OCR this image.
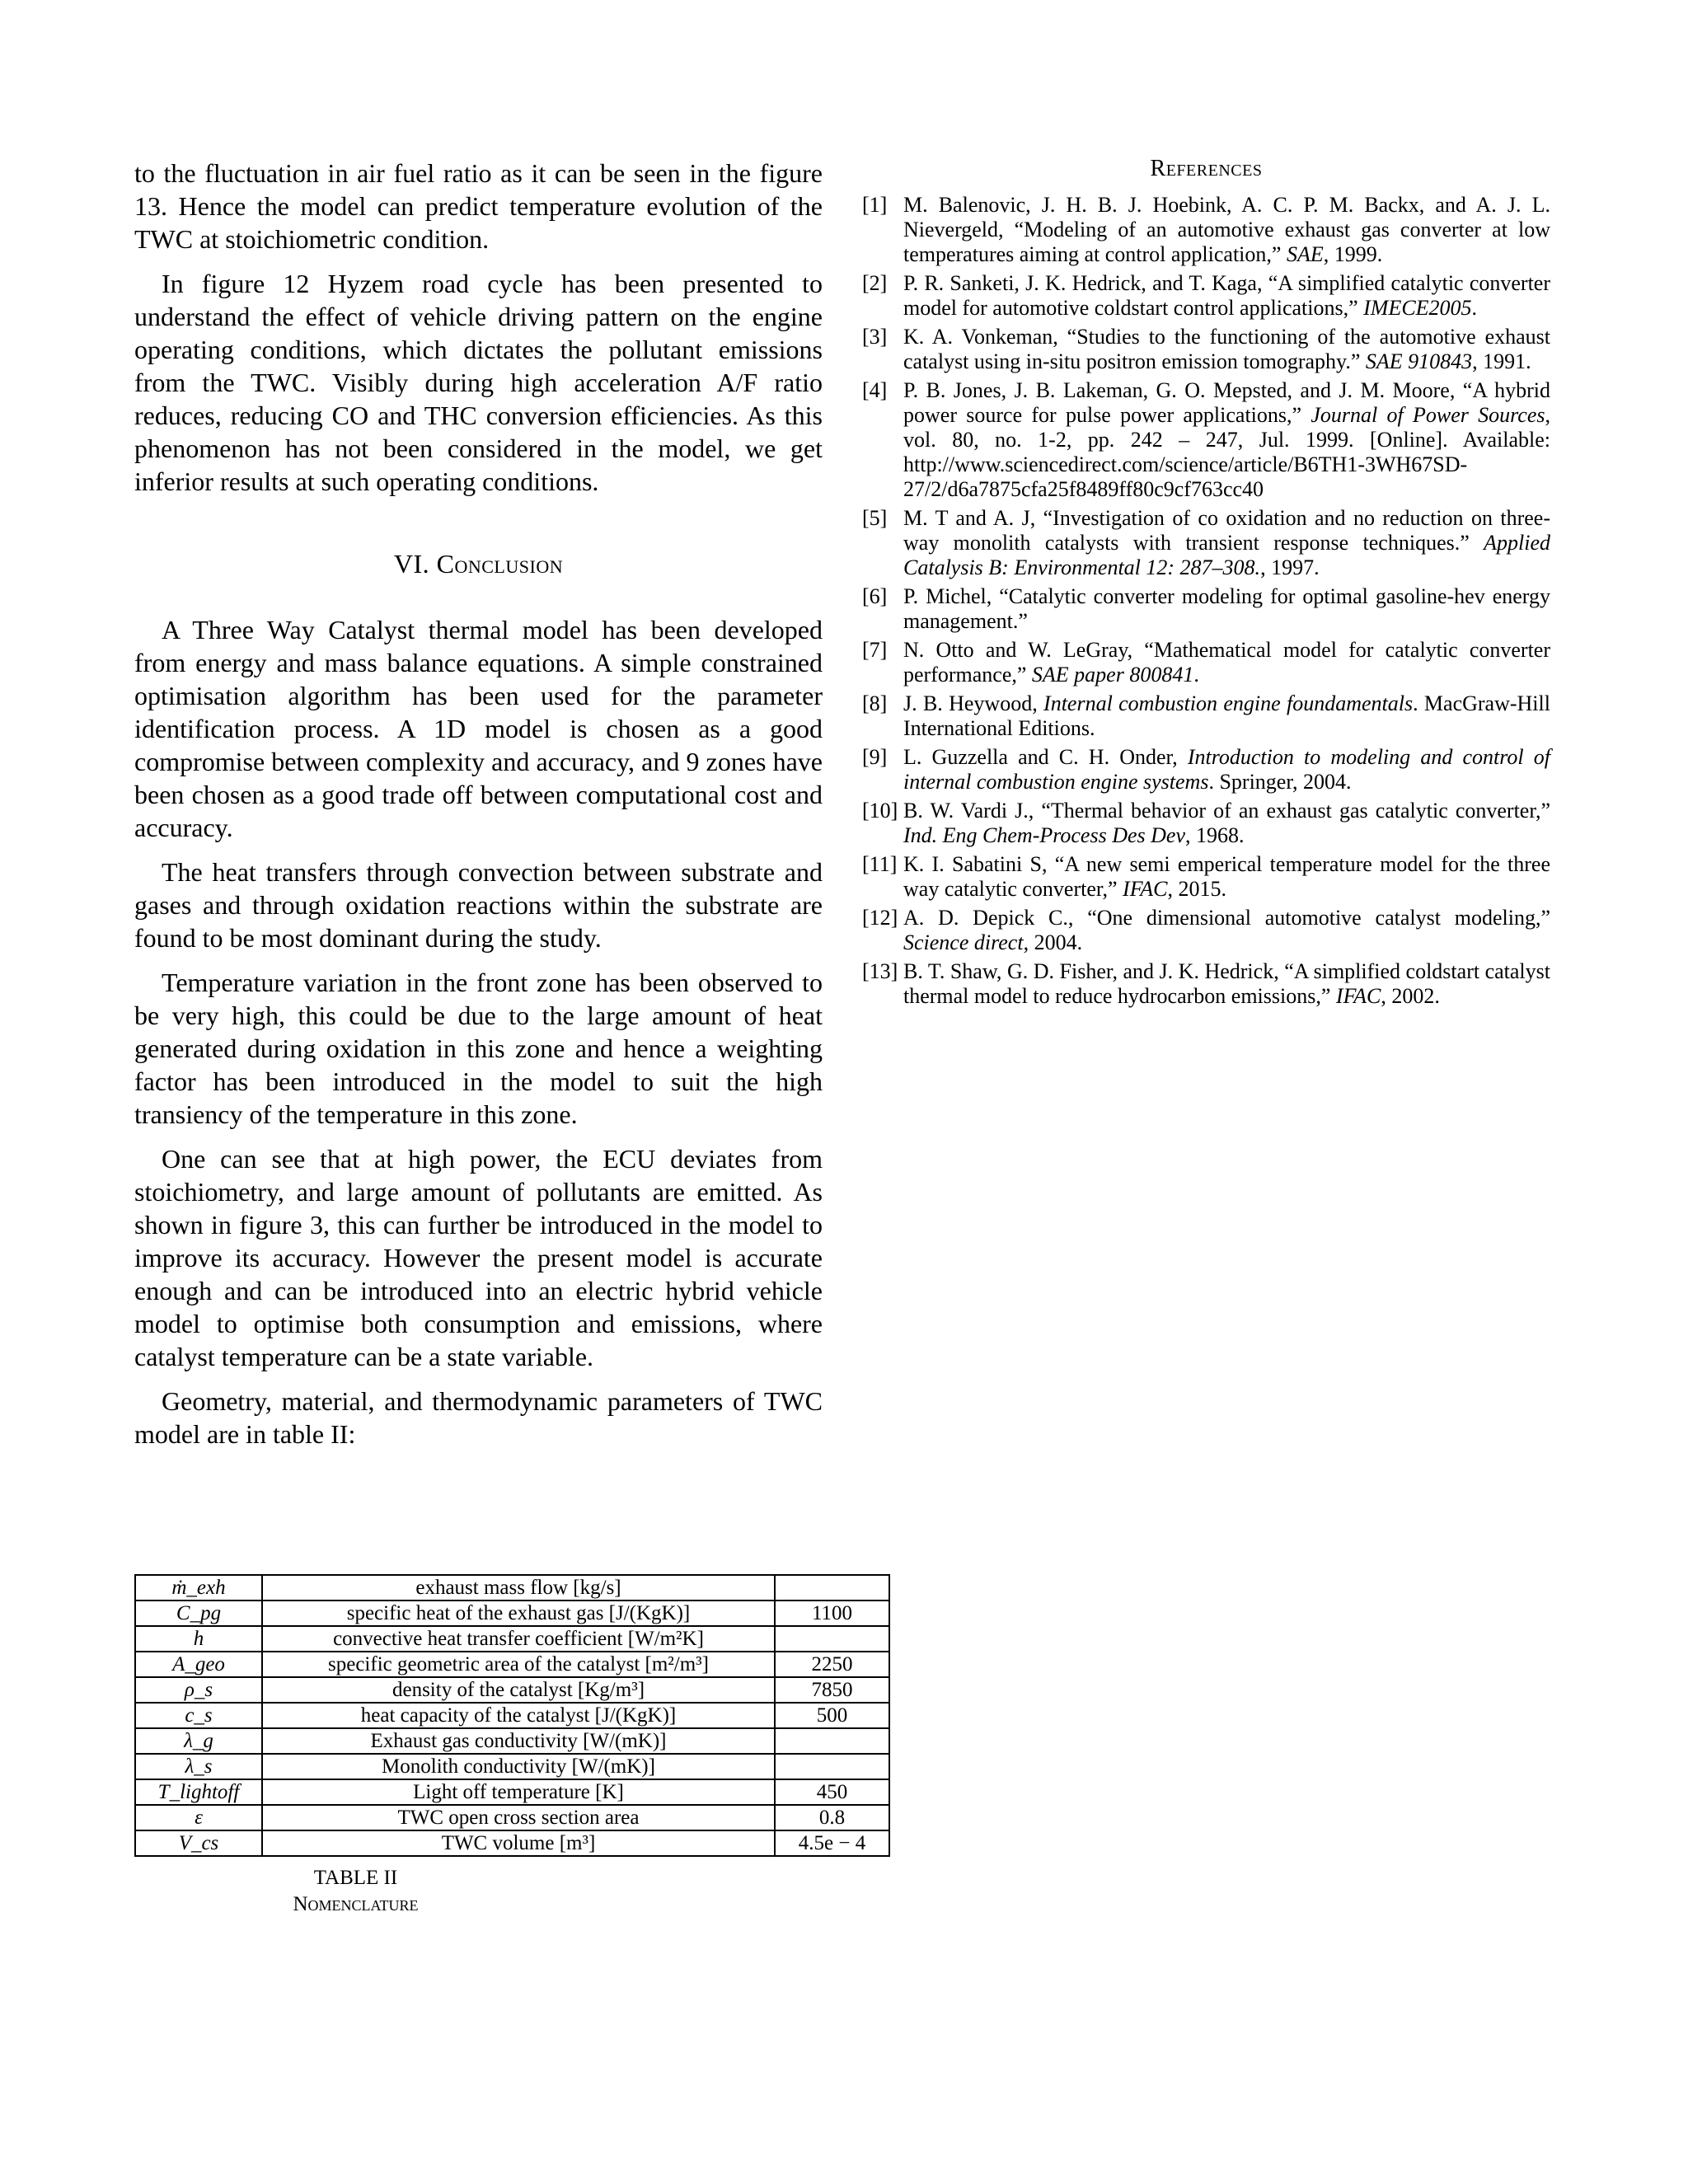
to the fluctuation in air fuel ratio as it can be seen in the figure 13. Hence the model can predict temperature evolution of the TWC at stoichiometric condition.

In figure 12 Hyzem road cycle has been presented to understand the effect of vehicle driving pattern on the engine operating conditions, which dictates the pollutant emissions from the TWC. Visibly during high acceleration A/F ratio reduces, reducing CO and THC conversion efficiencies. As this phenomenon has not been considered in the model, we get inferior results at such operating conditions.

VI. Conclusion

A Three Way Catalyst thermal model has been developed from energy and mass balance equations. A simple constrained optimisation algorithm has been used for the parameter identification process. A 1D model is chosen as a good compromise between complexity and accuracy, and 9 zones have been chosen as a good trade off between computational cost and accuracy.

The heat transfers through convection between substrate and gases and through oxidation reactions within the substrate are found to be most dominant during the study.

Temperature variation in the front zone has been observed to be very high, this could be due to the large amount of heat generated during oxidation in this zone and hence a weighting factor has been introduced in the model to suit the high transiency of the temperature in this zone.

One can see that at high power, the ECU deviates from stoichiometry, and large amount of pollutants are emitted. As shown in figure 3, this can further be introduced in the model to improve its accuracy. However the present model is accurate enough and can be introduced into an electric hybrid vehicle model to optimise both consumption and emissions, where catalyst temperature can be a state variable.

Geometry, material, and thermodynamic parameters of TWC model are in table II:

ṁ_exh	exhaust mass flow [kg/s]	
C_pg	specific heat of the exhaust gas [J/(KgK)]	1100
h	convective heat transfer coefficient [W/m²K]	
A_geo	specific geometric area of the catalyst [m²/m³]	2250
ρ_s	density of the catalyst [Kg/m³]	7850
c_s	heat capacity of the catalyst [J/(KgK)]	500
λ_g	Exhaust gas conductivity [W/(mK)]	
λ_s	Monolith conductivity [W/(mK)]	
T_lightoff	Light off temperature [K]	450
ε	TWC open cross section area	0.8
V_cs	TWC volume [m³]	4.5e − 4
TABLE II
Nomenclature
References
[1] M. Balenovic, J. H. B. J. Hoebink, A. C. P. M. Backx, and A. J. L. Nievergeld, “Modeling of an automotive exhaust gas converter at low temperatures aiming at control application,” SAE, 1999.
[2] P. R. Sanketi, J. K. Hedrick, and T. Kaga, “A simplified catalytic converter model for automotive coldstart control applications,” IMECE2005.
[3] K. A. Vonkeman, “Studies to the functioning of the automotive exhaust catalyst using in-situ positron emission tomography.” SAE 910843, 1991.
[4] P. B. Jones, J. B. Lakeman, G. O. Mepsted, and J. M. Moore, “A hybrid power source for pulse power applications,” Journal of Power Sources, vol. 80, no. 1-2, pp. 242 – 247, Jul. 1999. [Online]. Available: http://www.sciencedirect.com/science/article/B6TH1-3WH67SD-27/2/d6a7875cfa25f8489ff80c9cf763cc40
[5] M. T and A. J, “Investigation of co oxidation and no reduction on three-way monolith catalysts with transient response techniques.” Applied Catalysis B: Environmental 12: 287–308., 1997.
[6] P. Michel, “Catalytic converter modeling for optimal gasoline-hev energy management.”
[7] N. Otto and W. LeGray, “Mathematical model for catalytic converter performance,” SAE paper 800841.
[8] J. B. Heywood, Internal combustion engine foundamentals. MacGraw-Hill International Editions.
[9] L. Guzzella and C. H. Onder, Introduction to modeling and control of internal combustion engine systems. Springer, 2004.
[10] B. W. Vardi J., “Thermal behavior of an exhaust gas catalytic converter,” Ind. Eng Chem-Process Des Dev, 1968.
[11] K. I. Sabatini S, “A new semi emperical temperature model for the three way catalytic converter,” IFAC, 2015.
[12] A. D. Depick C., “One dimensional automotive catalyst modeling,” Science direct, 2004.
[13] B. T. Shaw, G. D. Fisher, and J. K. Hedrick, “A simplified coldstart catalyst thermal model to reduce hydrocarbon emissions,” IFAC, 2002.
